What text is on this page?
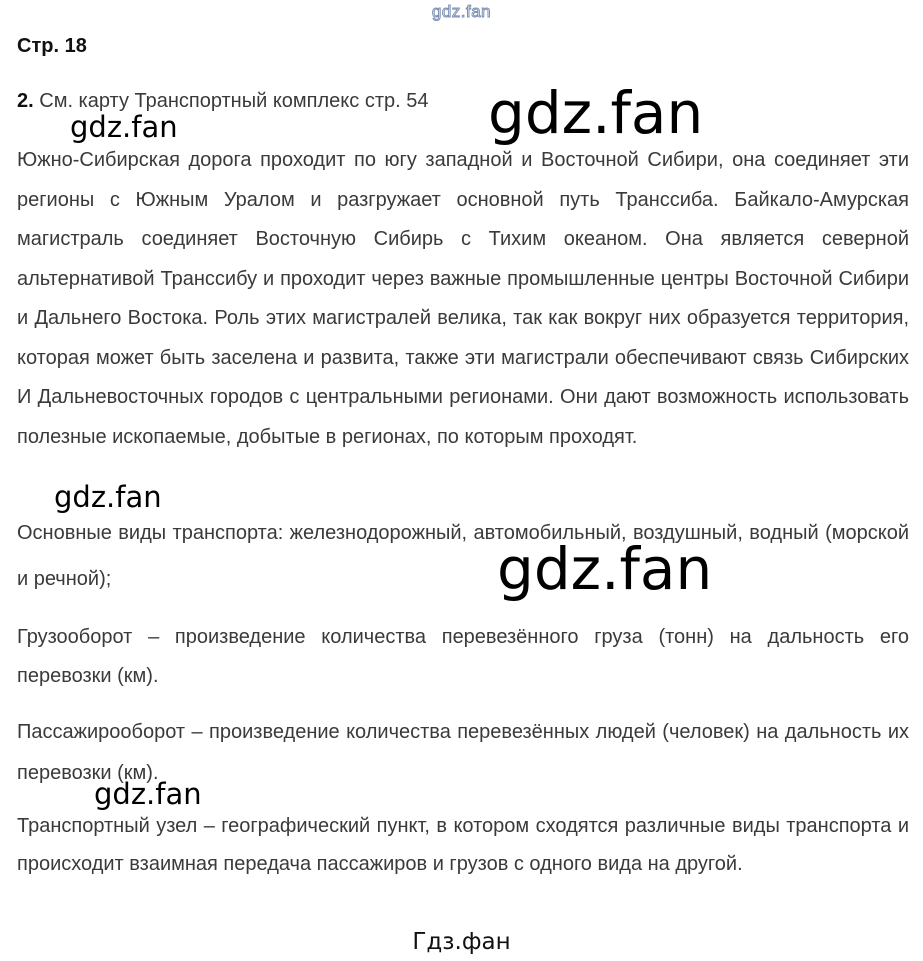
gdz.fan
Стр. 18
2. См. карту Транспортный комплекс стр. 54

Южно-Сибирская дорога проходит по югу западной и Восточной Сибири, она соединяет эти регионы с Южным Уралом и разгружает основной путь Транссиба. Байкало-Амурская магистраль соединяет Восточную Сибирь с Тихим океаном. Она является северной альтернативой Транссибу и проходит через важные промышленные центры Восточной Сибири и Дальнего Востока. Роль этих магистралей велика, так как вокруг них образуется территория, которая может быть заселена и развита, также эти магистрали обеспечивают связь Сибирских И Дальневосточных городов с центральными регионами. Они дают возможность использовать полезные ископаемые, добытые в регионах, по которым проходят.

Основные виды транспорта: железнодорожный, автомобильный, воздушный, водный (морской и речной);

Грузооборот – произведение количества перевезённого груза (тонн) на дальность его перевозки (км).

Пассажирооборот – произведение количества перевезённых людей (человек) на дальность их перевозки (км).

Транспортный узел – географический пункт, в котором сходятся различные виды транспорта и происходит взаимная передача пассажиров и грузов с одного вида на другой.

gdz.fan	gdz.fan
gdz.fan
gdz.fan
gdz.fan
Гдз.фан
